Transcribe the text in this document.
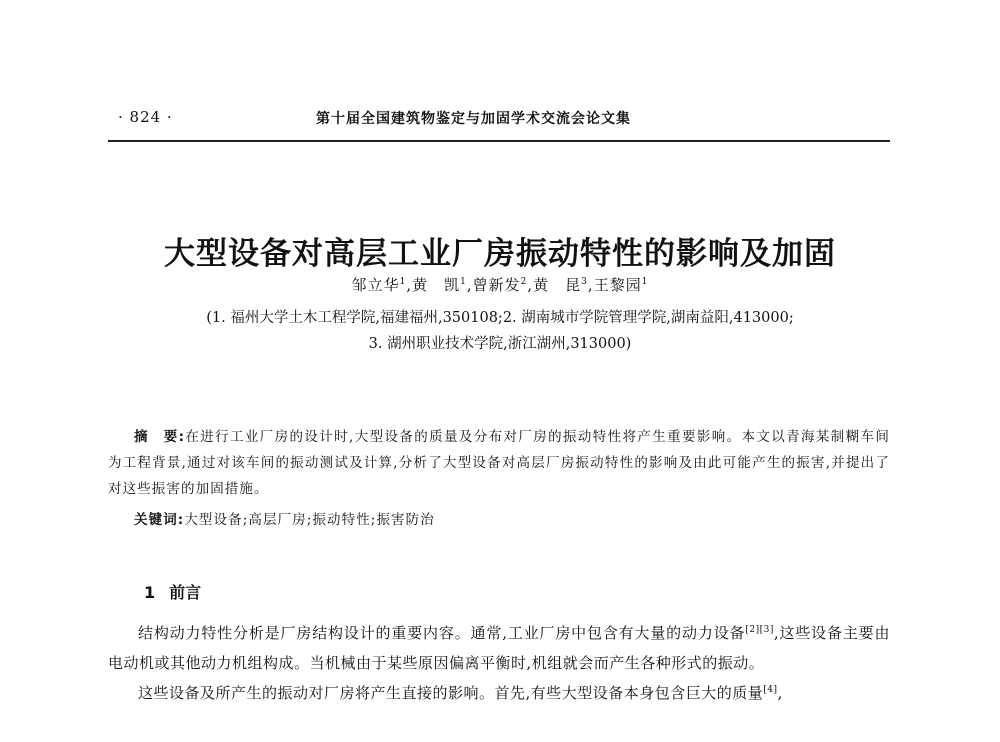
· 824 ·	第十届全国建筑物鉴定与加固学术交流会论文集
大型设备对高层工业厂房振动特性的影响及加固
邹立华$^1$,黄　凯$^1$,曾新发$^2$,黄　昆$^3$,王黎园$^1$
(1. 福州大学土木工程学院,福建福州,350108;2. 湖南城市学院管理学院,湖南益阳,413000;
3. 湖州职业技术学院,浙江湖州,313000)
摘　要:在进行工业厂房的设计时,大型设备的质量及分布对厂房的振动特性将产生重要影响。本文以青海某制糊车间为工程背景,通过对该车间的振动测试及计算,分析了大型设备对高层厂房振动特性的影响及由此可能产生的振害,并提出了对这些振害的加固措施。
关键词:大型设备;高层厂房;振动特性;振害防治
1 前言

结构动力特性分析是厂房结构设计的重要内容。通常,工业厂房中包含有大量的动力设备[2][3],这些设备主要由电动机或其他动力机组构成。当机械由于某些原因偏离平衡时,机组就会而产生各种形式的振动。

这些设备及所产生的振动对厂房将产生直接的影响。首先,有些大型设备本身包含巨大的质量[4],
